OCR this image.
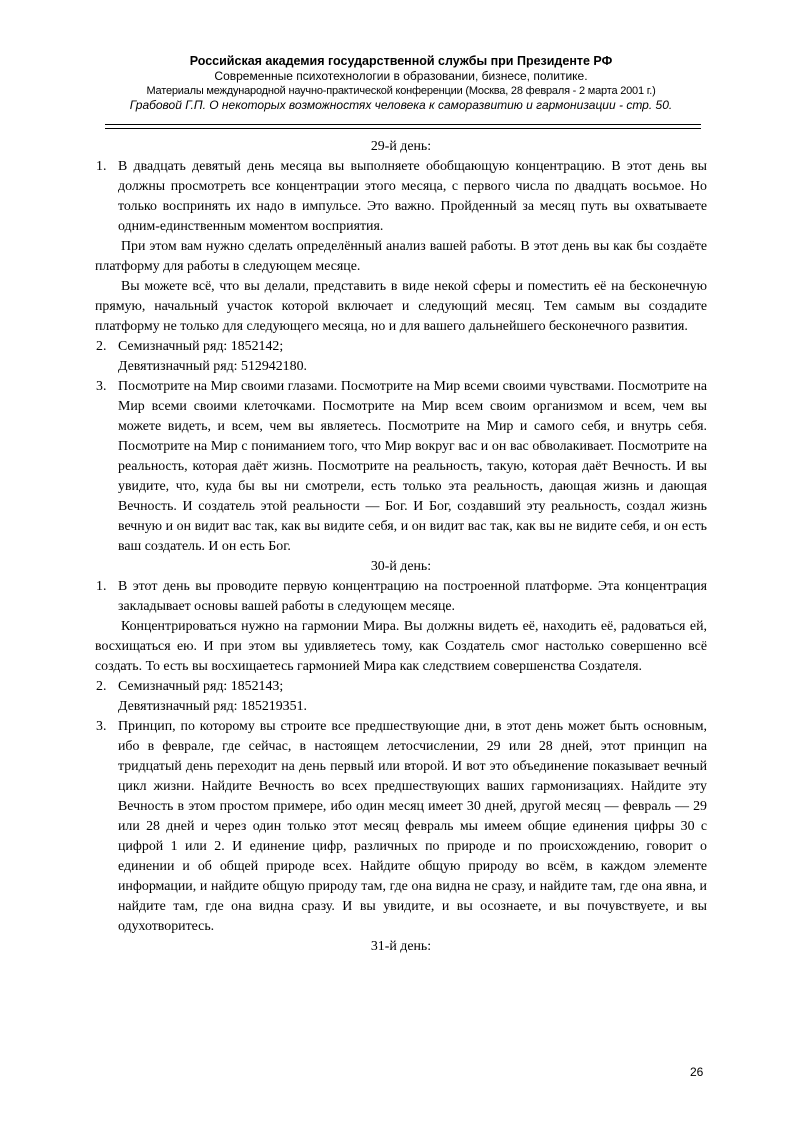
Российская академия государственной службы при Президенте РФ
Современные психотехнологии в образовании, бизнесе, политике.
Материалы международной научно-практической конференции (Москва, 28 февраля - 2 марта 2001 г.)
Грабовой Г.П. О некоторых возможностях человека к саморазвитию и гармонизации - стр. 50.
29-й день:
1. В двадцать девятый день месяца вы выполняете обобщающую концентрацию. В этот день вы должны просмотреть все концентрации этого месяца, с первого числа по двадцать восьмое. Но только воспринять их надо в импульсе. Это важно. Пройденный за месяц путь вы охватываете одним-единственным моментом восприятия.
При этом вам нужно сделать определённый анализ вашей работы. В этот день вы как бы создаёте платформу для работы в следующем месяце.
Вы можете всё, что вы делали, представить в виде некой сферы и поместить её на бесконечную прямую, начальный участок которой включает и следующий месяц. Тем самым вы создадите платформу не только для следующего месяца, но и для вашего дальнейшего бесконечного развития.
2. Семизначный ряд: 1852142;
Девятизначный ряд: 512942180.
3. Посмотрите на Мир своими глазами. Посмотрите на Мир всеми своими чувствами. Посмотрите на Мир всеми своими клеточками. Посмотрите на Мир всем своим организмом и всем, чем вы можете видеть, и всем, чем вы являетесь. Посмотрите на Мир и самого себя, и внутрь себя. Посмотрите на Мир с пониманием того, что Мир вокруг вас и он вас обволакивает. Посмотрите на реальность, которая даёт жизнь. Посмотрите на реальность, такую, которая даёт Вечность. И вы увидите, что, куда бы вы ни смотрели, есть только эта реальность, дающая жизнь и дающая Вечность. И создатель этой реальности — Бог. И Бог, создавший эту реальность, создал жизнь вечную и он видит вас так, как вы видите себя, и он видит вас так, как вы не видите себя, и он есть ваш создатель. И он есть Бог.
30-й день:
1. В этот день вы проводите первую концентрацию на построенной платформе. Эта концентрация закладывает основы вашей работы в следующем месяце.
Концентрироваться нужно на гармонии Мира. Вы должны видеть её, находить её, радоваться ей, восхищаться ею. И при этом вы удивляетесь тому, как Создатель смог настолько совершенно всё создать. То есть вы восхищаетесь гармонией Мира как следствием совершенства Создателя.
2. Семизначный ряд: 1852143;
Девятизначный ряд: 185219351.
3. Принцип, по которому вы строите все предшествующие дни, в этот день может быть основным, ибо в феврале, где сейчас, в настоящем летосчислении, 29 или 28 дней, этот принцип на тридцатый день переходит на день первый или второй. И вот это объединение показывает вечный цикл жизни. Найдите Вечность во всех предшествующих ваших гармонизациях. Найдите эту Вечность в этом простом примере, ибо один месяц имеет 30 дней, другой месяц — февраль — 29 или 28 дней и через один только этот месяц февраль мы имеем общие единения цифры 30 с цифрой 1 или 2. И единение цифр, различных по природе и по происхождению, говорит о единении и об общей природе всех. Найдите общую природу во всём, в каждом элементе информации, и найдите общую природу там, где она видна не сразу, и найдите там, где она явна, и найдите там, где она видна сразу. И вы увидите, и вы осознаете, и вы почувствуете, и вы одухотворитесь.
31-й день:
26
